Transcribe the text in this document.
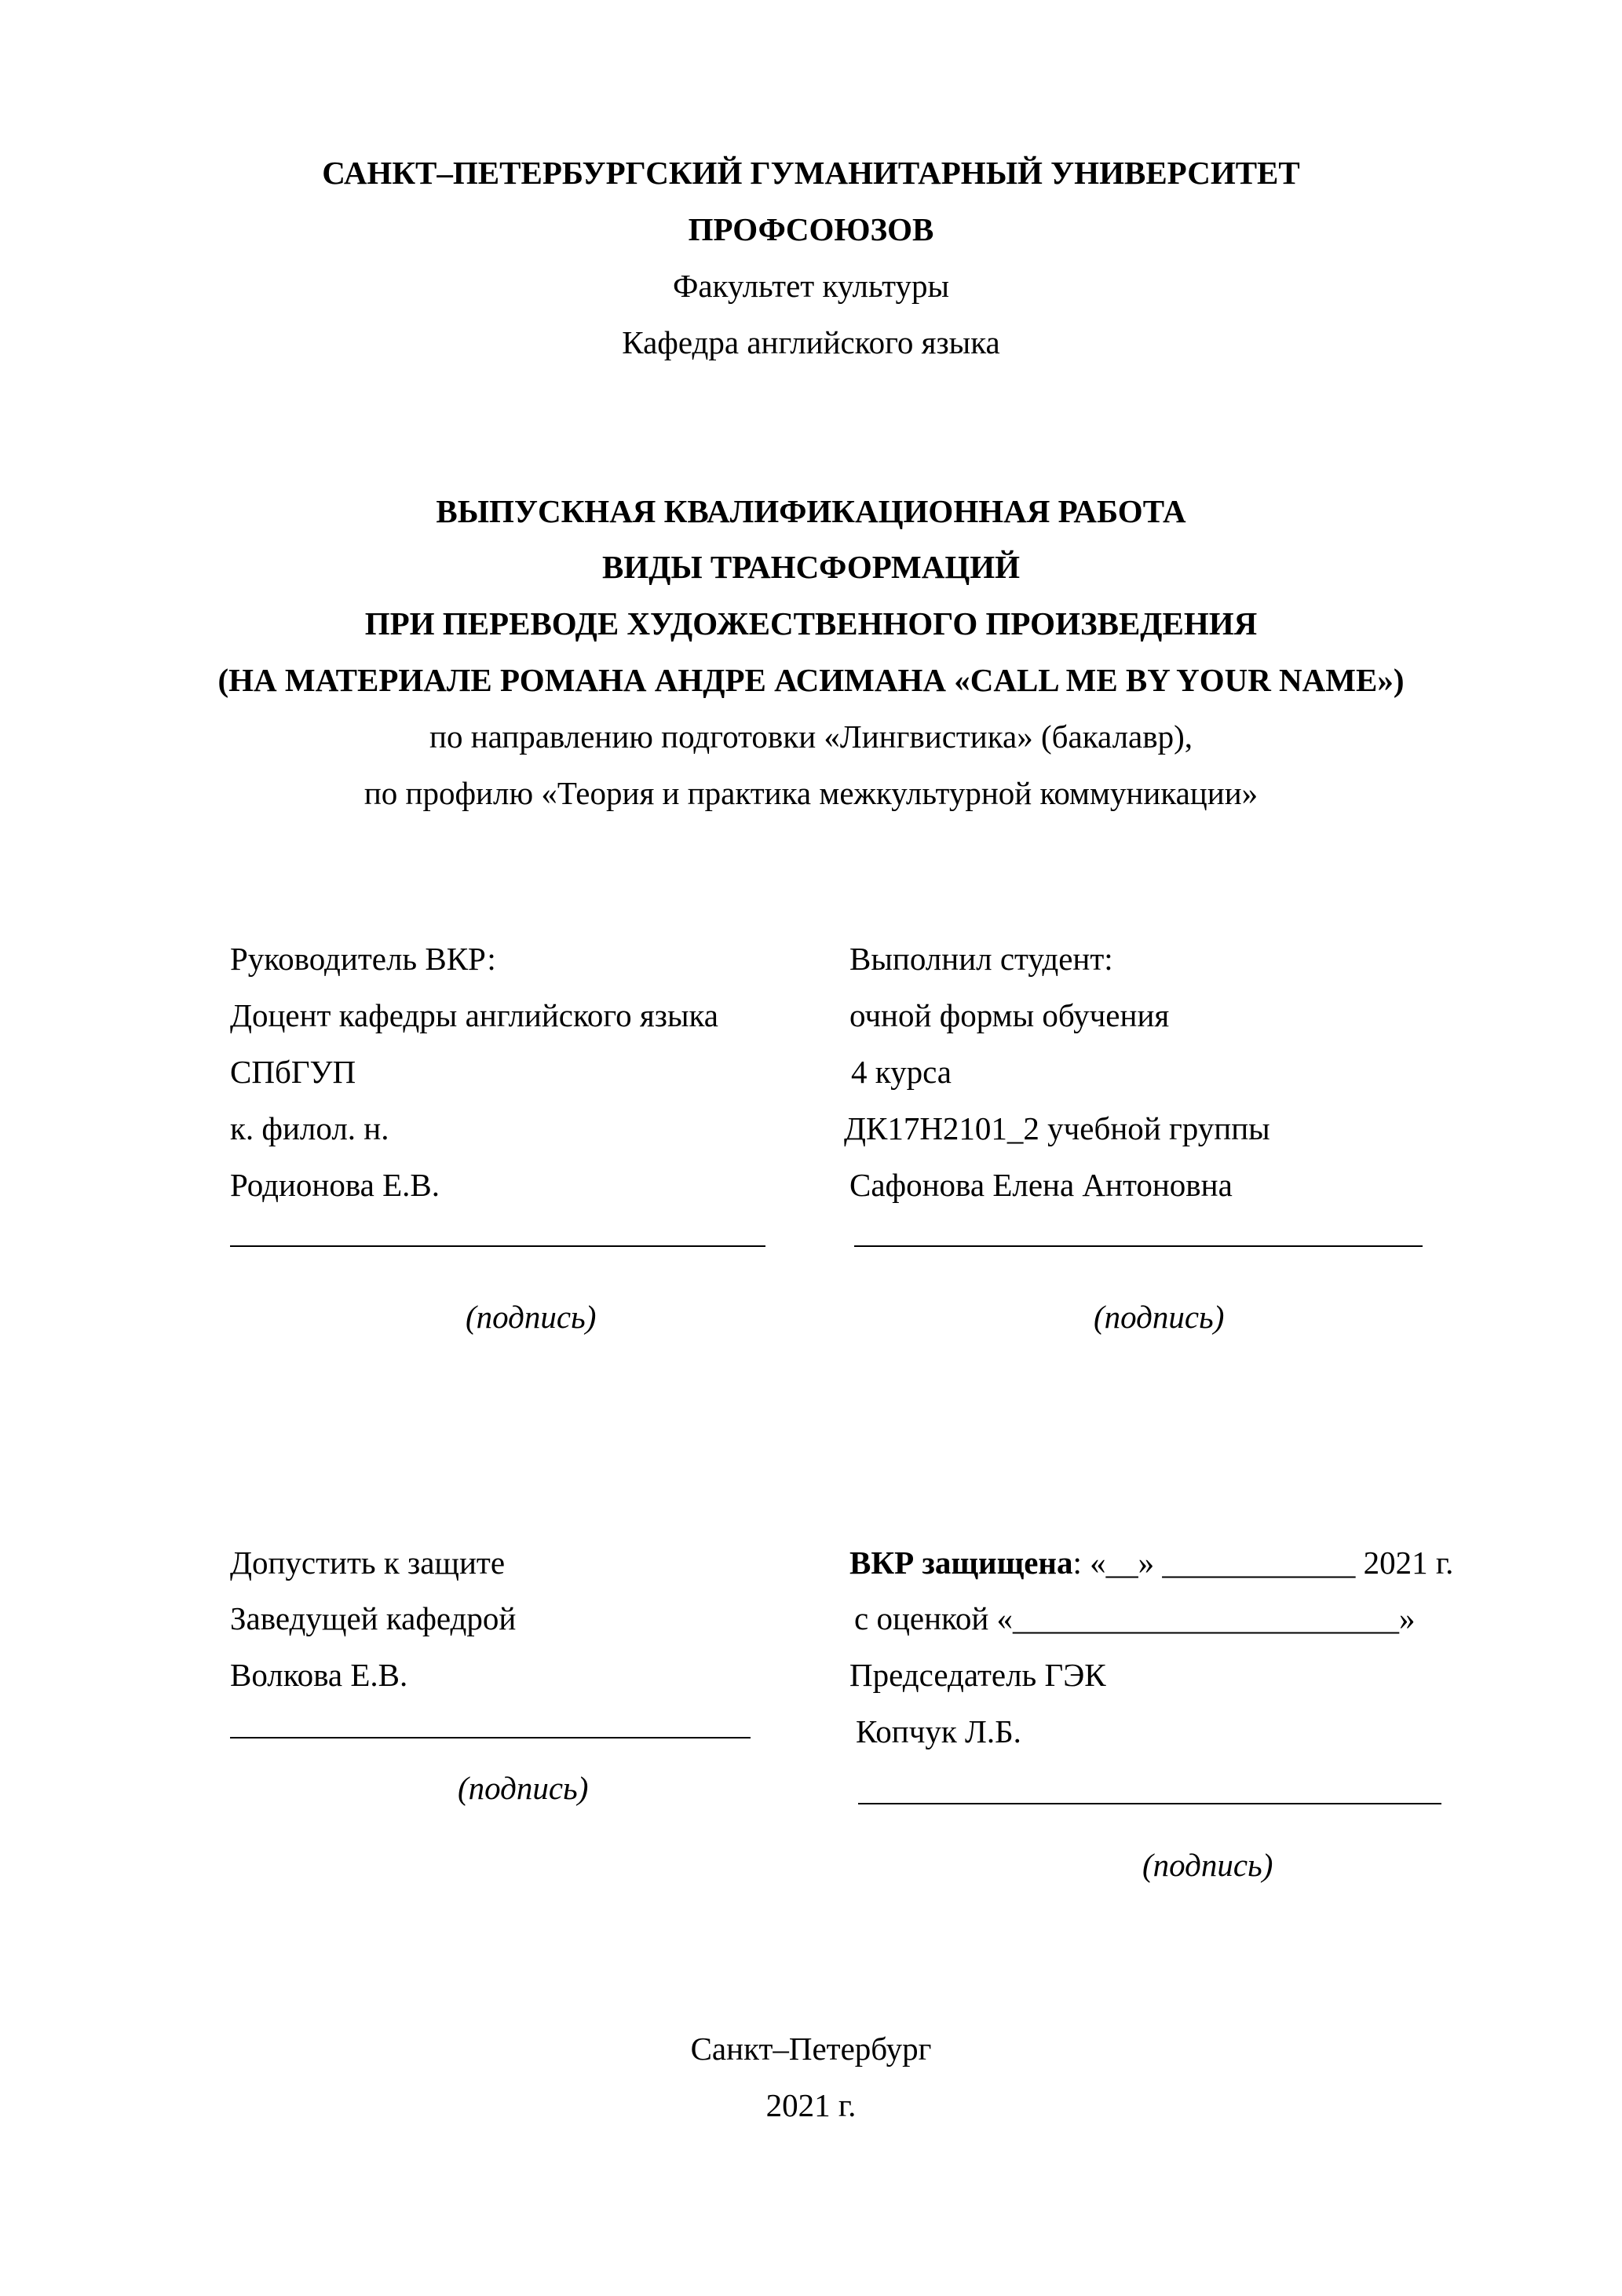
САНКТ–ПЕТЕРБУРГСКИЙ ГУМАНИТАРНЫЙ УНИВЕРСИТЕТ
ПРОФСОЮЗОВ
Факультет культуры
Кафедра английского языка
ВЫПУСКНАЯ КВАЛИФИКАЦИОННАЯ РАБОТА
ВИДЫ ТРАНСФОРМАЦИЙ
ПРИ ПЕРЕВОДЕ ХУДОЖЕСТВЕННОГО ПРОИЗВЕДЕНИЯ
(НА МАТЕРИАЛЕ РОМАНА АНДРЕ АСИМАНА «CALL ME BY YOUR NAME»)
по направлению подготовки «Лингвистика» (бакалавр),
по профилю «Теория и практика межкультурной коммуникации»
Руководитель ВКР:
Доцент кафедры английского языка
СПбГУП
к. филол. н.
Родионова Е.В.
(подпись)
Выполнил студент:
очной формы обучения
4 курса
ДК17Н2101_2 учебной группы
Сафонова Елена Антоновна
(подпись)
Допустить к защите
Заведущей кафедрой
Волкова Е.В.
(подпись)
ВКР защищена: «__» ____________ 2021 г.
с оценкой «________________________»
Председатель ГЭК
Копчук Л.Б.
(подпись)
Санкт–Петербург
2021 г.
